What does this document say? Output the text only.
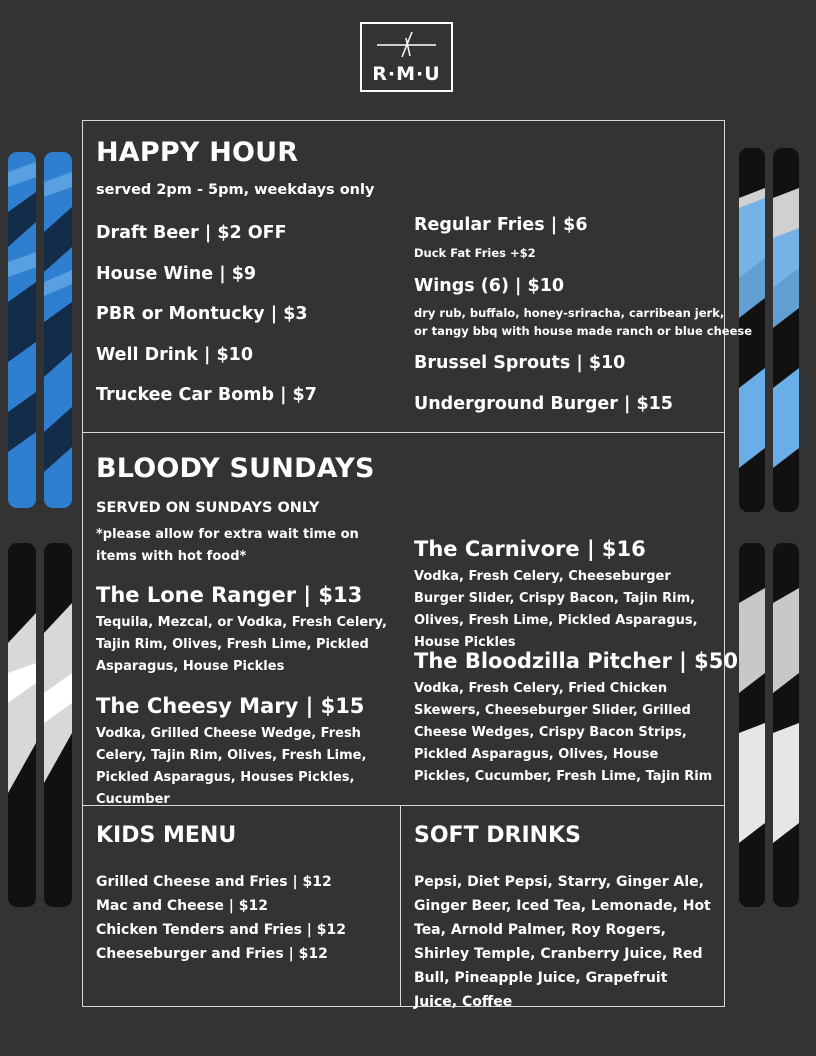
R·M·U
HAPPY HOUR
served 2pm - 5pm, weekdays only
Draft Beer | $2 OFF
House Wine | $9
PBR or Montucky | $3
Well Drink | $10
Truckee Car Bomb | $7
Regular Fries | $6
Duck Fat Fries +$2
Wings (6) | $10
dry rub, buffalo, honey-sriracha, carribean jerk,
or tangy bbq with house made ranch or blue cheese
Brussel Sprouts | $10
Underground Burger | $15
BLOODY SUNDAYS
SERVED ON SUNDAYS ONLY
*please allow for extra wait time on items with hot food*
The Lone Ranger | $13
Tequila, Mezcal, or Vodka, Fresh Celery, Tajin Rim, Olives, Fresh Lime, Pickled Asparagus, House Pickles
The Cheesy Mary | $15
Vodka, Grilled Cheese Wedge, Fresh Celery, Tajin Rim, Olives, Fresh Lime, Pickled Asparagus, Houses Pickles, Cucumber
The Carnivore | $16
Vodka, Fresh Celery, Cheeseburger Burger Slider, Crispy Bacon, Tajin Rim, Olives, Fresh Lime, Pickled Asparagus, House Pickles
The Bloodzilla Pitcher | $50
Vodka, Fresh Celery, Fried Chicken Skewers, Cheeseburger Slider, Grilled Cheese Wedges, Crispy Bacon Strips, Pickled Asparagus, Olives, House Pickles, Cucumber, Fresh Lime, Tajin Rim
KIDS MENU
Grilled Cheese and Fries | $12
Mac and Cheese | $12
Chicken Tenders and Fries | $12
Cheeseburger and Fries | $12
SOFT DRINKS
Pepsi, Diet Pepsi, Starry, Ginger Ale, Ginger Beer, Iced Tea, Lemonade, Hot Tea, Arnold Palmer, Roy Rogers, Shirley Temple, Cranberry Juice, Red Bull, Pineapple Juice, Grapefruit Juice, Coffee
